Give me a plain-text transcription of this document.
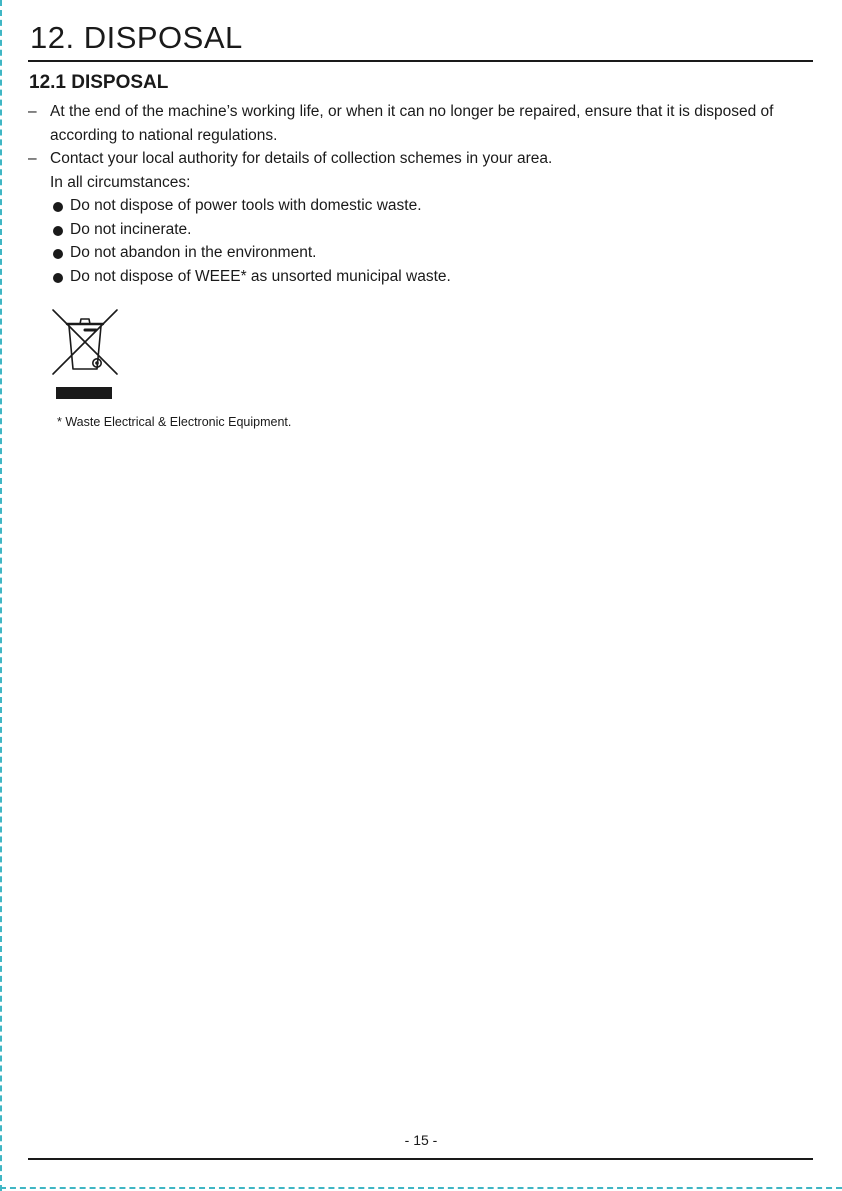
12. DISPOSAL
12.1 DISPOSAL
– At the end of the machine’s working life, or when it can no longer be repaired, ensure that it is disposed of according to national regulations.
– Contact your local authority for details of collection schemes in your area.
In all circumstances:
Do not dispose of power tools with domestic waste.
Do not incinerate.
Do not abandon in the environment.
Do not dispose of WEEE* as unsorted municipal waste.
* Waste Electrical & Electronic Equipment.
- 15 -
